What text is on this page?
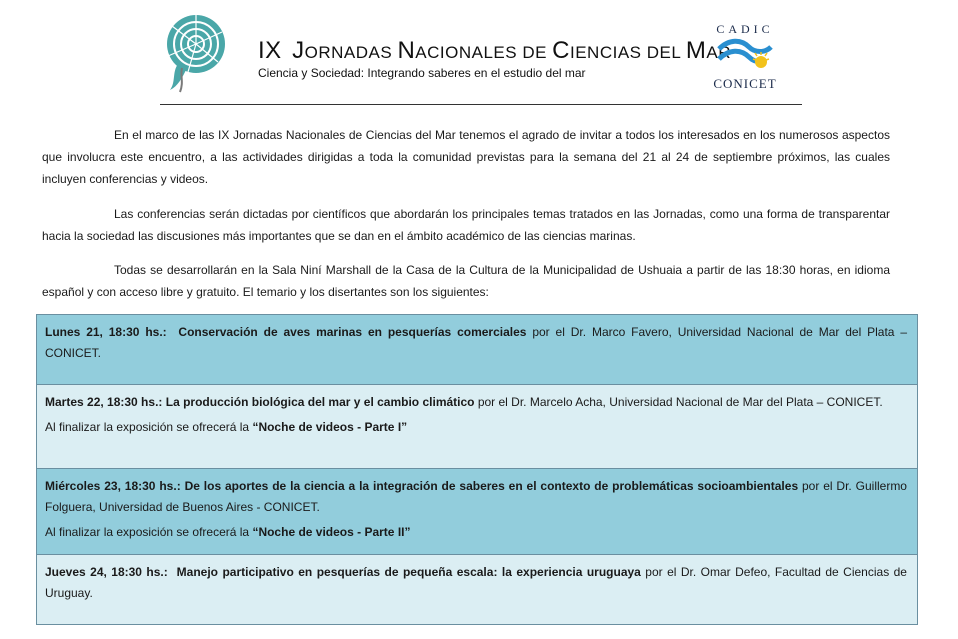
IX JORNADAS NACIONALES DE CIENCIAS DEL MAR
Ciencia y Sociedad: Integrando saberes en el estudio del mar
CADIC
CONICET
En el marco de las IX Jornadas Nacionales de Ciencias del Mar tenemos el agrado de invitar a todos los interesados en los numerosos aspectos que involucra este encuentro, a las actividades dirigidas a toda la comunidad previstas para la semana del 21 al 24 de septiembre próximos, las cuales incluyen conferencias y videos.
Las conferencias serán dictadas por científicos que abordarán los principales temas tratados en las Jornadas, como una forma de transparentar hacia la sociedad las discusiones más importantes que se dan en el ámbito académico de las ciencias marinas.
Todas se desarrollarán en la Sala Niní Marshall de la Casa de la Cultura de la Municipalidad de Ushuaia a partir de las 18:30 horas, en idioma español y con acceso libre y gratuito. El temario y los disertantes son los siguientes:
Lunes 21, 18:30 hs.: Conservación de aves marinas en pesquerías comerciales por el Dr. Marco Favero, Universidad Nacional de Mar del Plata – CONICET.
Martes 22, 18:30 hs.: La producción biológica del mar y el cambio climático por el Dr. Marcelo Acha, Universidad Nacional de Mar del Plata – CONICET.
Al finalizar la exposición se ofrecerá la “Noche de videos - Parte I”
Miércoles 23, 18:30 hs.: De los aportes de la ciencia a la integración de saberes en el contexto de problemáticas socioambientales por el Dr. Guillermo Folguera, Universidad de Buenos Aires - CONICET.
Al finalizar la exposición se ofrecerá la “Noche de videos - Parte II”
Jueves 24, 18:30 hs.: Manejo participativo en pesquerías de pequeña escala: la experiencia uruguaya por el Dr. Omar Defeo, Facultad de Ciencias de Uruguay.
